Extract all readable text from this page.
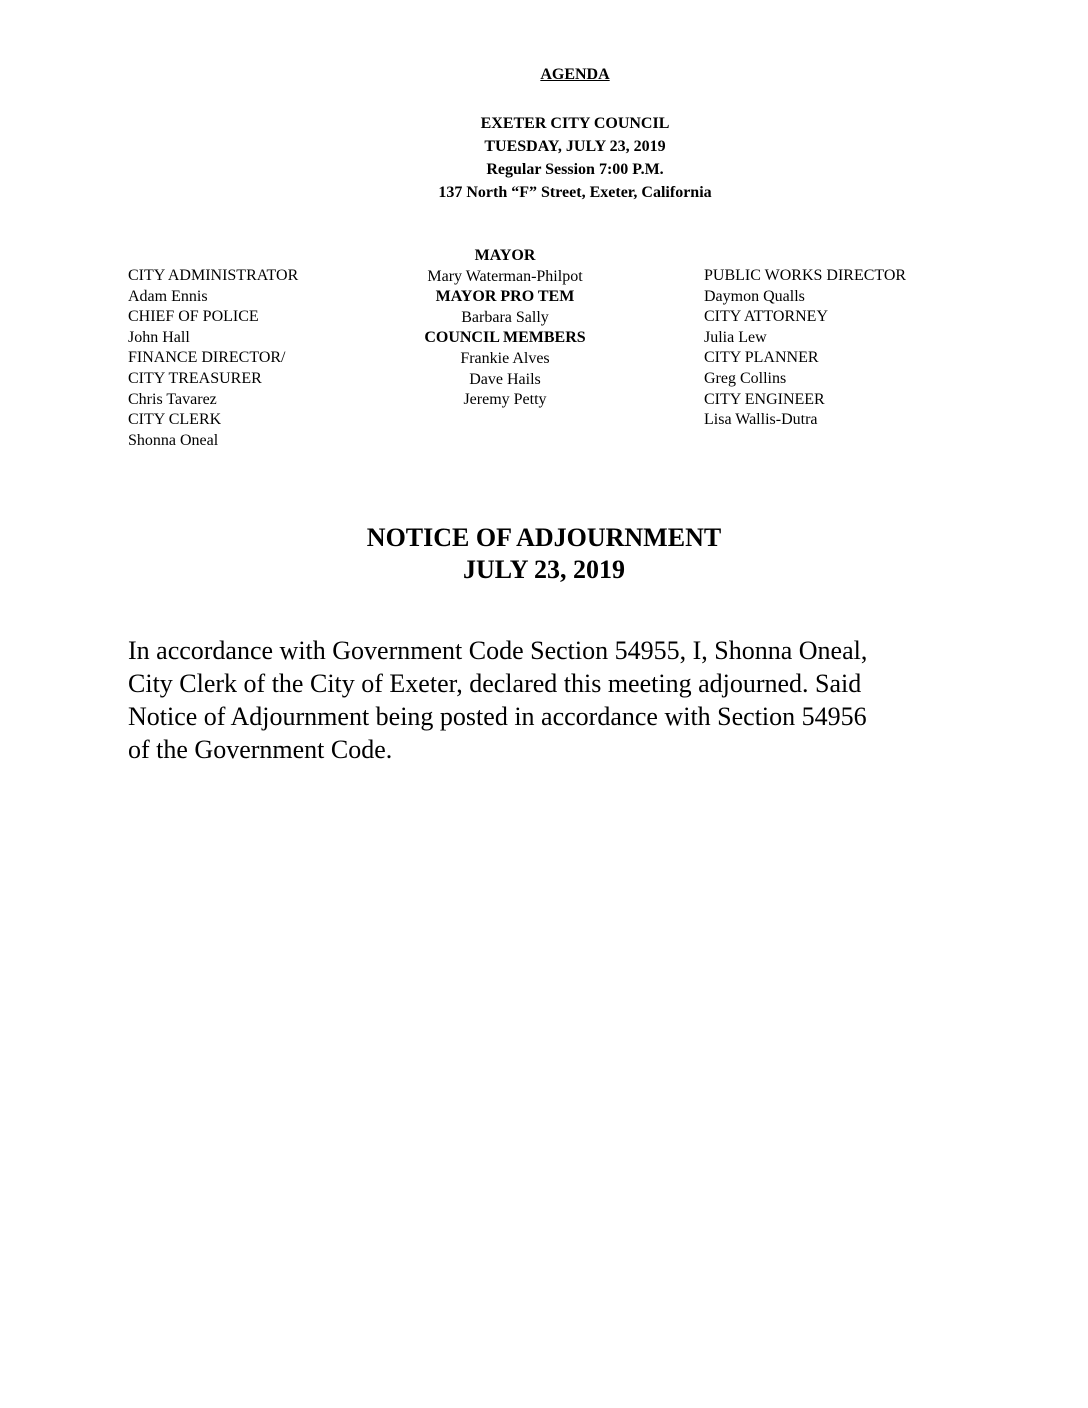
AGENDA
EXETER CITY COUNCIL
TUESDAY, JULY 23, 2019
Regular Session 7:00 P.M.
137 North “F” Street, Exeter, California
CITY ADMINISTRATOR
Adam Ennis
CHIEF OF POLICE
John Hall
FINANCE DIRECTOR/
CITY TREASURER
Chris Tavarez
CITY CLERK
Shonna Oneal
MAYOR
Mary Waterman-Philpot
MAYOR PRO TEM
Barbara Sally
COUNCIL MEMBERS
Frankie Alves
Dave Hails
Jeremy Petty
PUBLIC WORKS DIRECTOR
Daymon Qualls
CITY ATTORNEY
Julia Lew
CITY PLANNER
Greg Collins
CITY ENGINEER
Lisa Wallis-Dutra
NOTICE OF ADJOURNMENT
JULY 23, 2019
In accordance with Government Code Section 54955, I, Shonna Oneal,
City Clerk of the City of Exeter, declared this meeting adjourned. Said
Notice of Adjournment being posted in accordance with Section 54956
of the Government Code.
